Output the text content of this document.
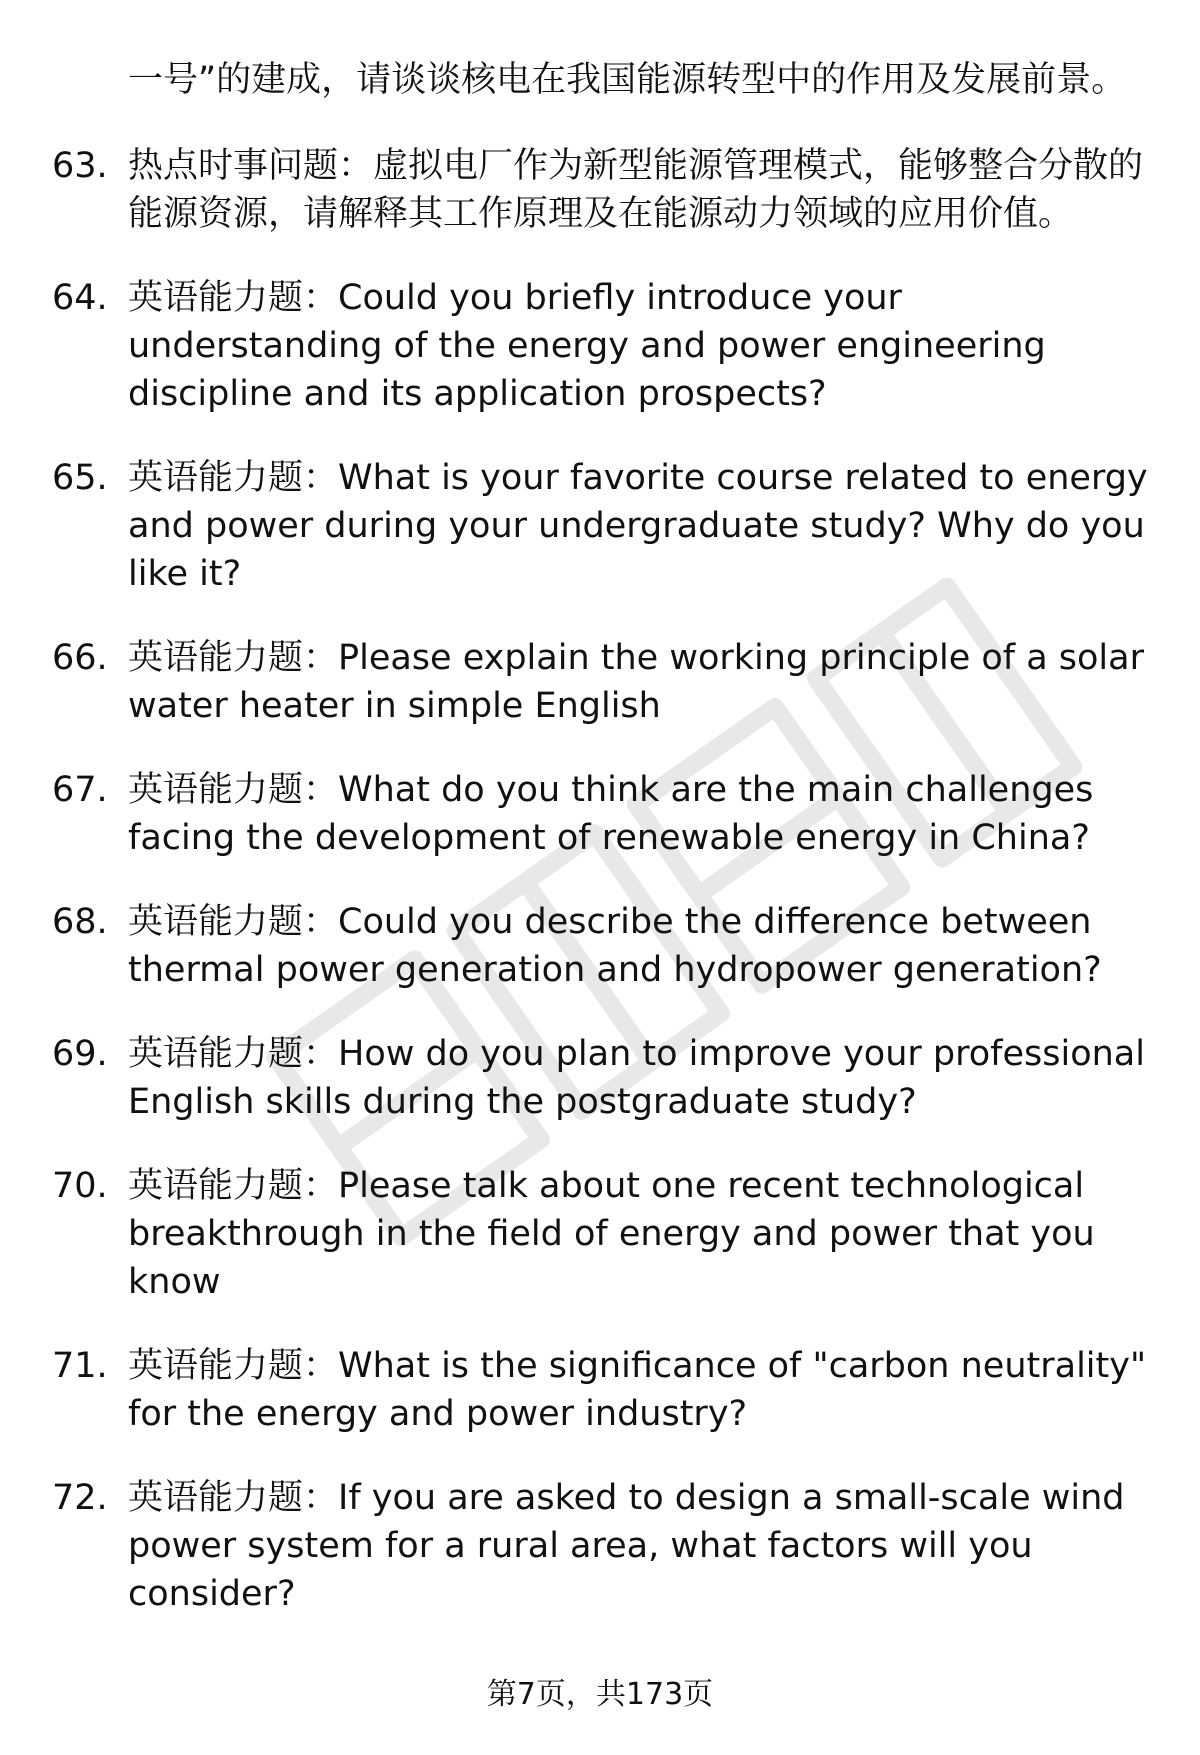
一号”的建成，请谈谈核电在我国能源转型中的作用及发展前景。
63. 热点时事问题：虚拟电厂作为新型能源管理模式，能够整合分散的能源资源，请解释其工作原理及在能源动力领域的应用价值。
64. 英语能力题：Could you briefly introduce your understanding of the energy and power engineering discipline and its application prospects?
65. 英语能力题：What is your favorite course related to energy and power during your undergraduate study? Why do you like it?
66. 英语能力题：Please explain the working principle of a solar water heater in simple English
67. 英语能力题：What do you think are the main challenges facing the development of renewable energy in China?
68. 英语能力题：Could you describe the difference between thermal power generation and hydropower generation?
69. 英语能力题：How do you plan to improve your professional English skills during the postgraduate study?
70. 英语能力题：Please talk about one recent technological breakthrough in the field of energy and power that you know
71. 英语能力题：What is the significance of "carbon neutrality" for the energy and power industry?
72. 英语能力题：If you are asked to design a small-scale wind power system for a rural area, what factors will you consider?
第7页，共173页
